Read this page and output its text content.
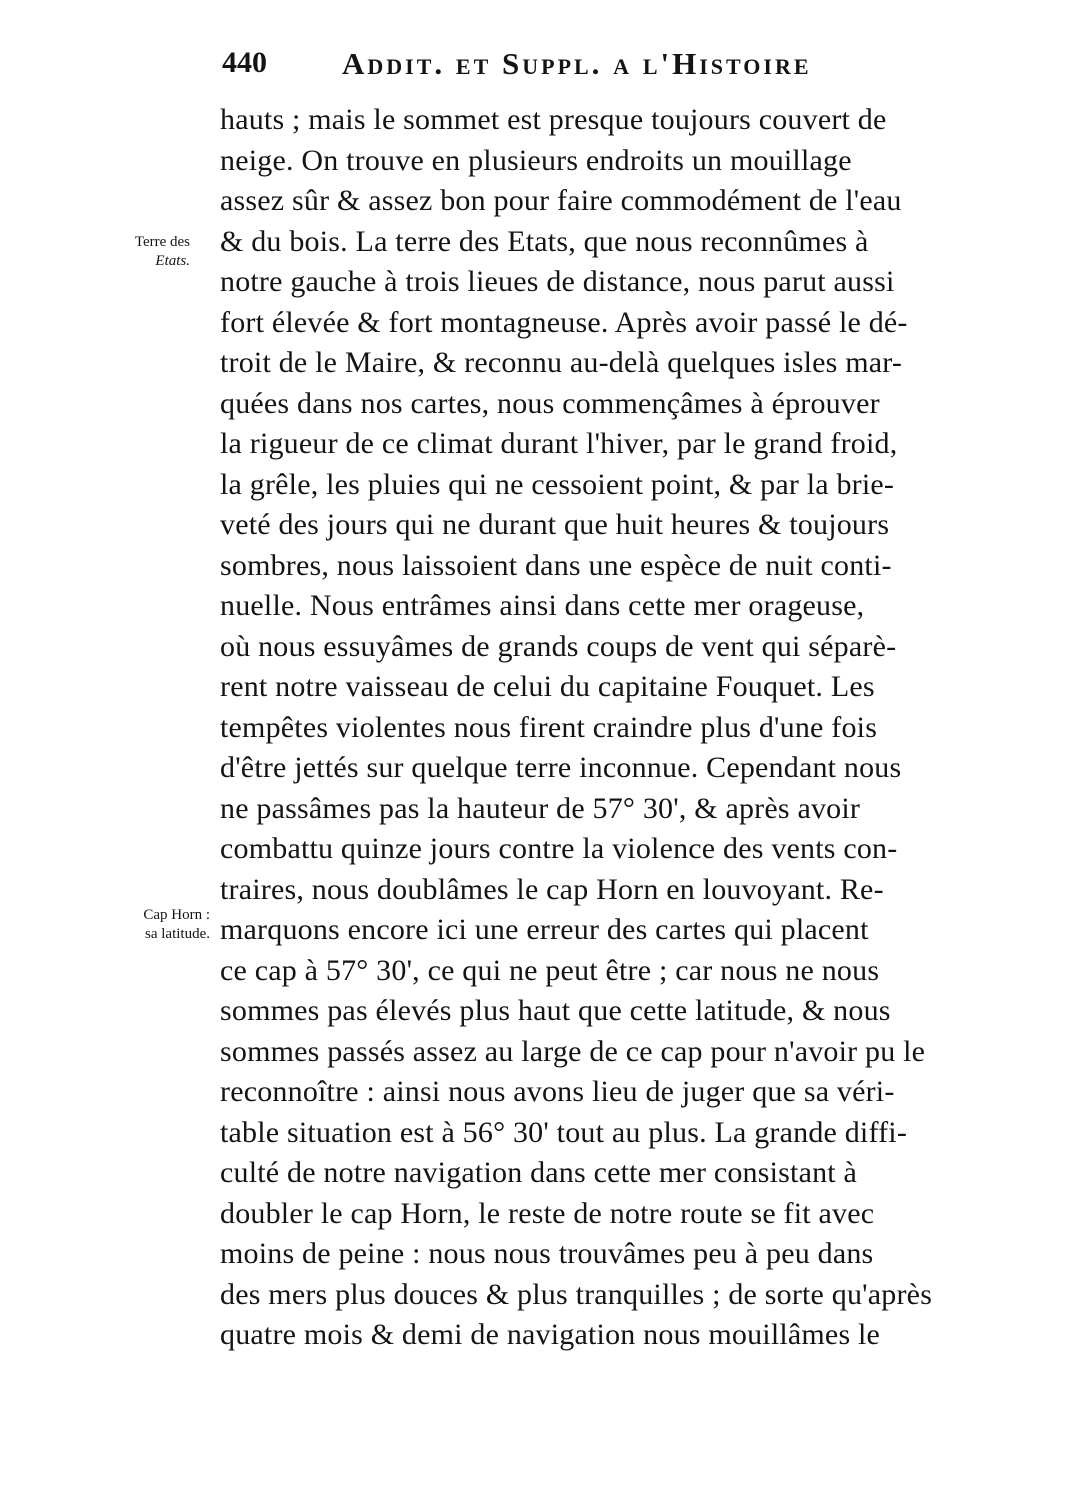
440 Addit. et Suppl. a l'Histoire
Terre des
Etats.
Cap Horn :
sa latitude.
hauts ; mais le sommet est presque toujours couvert de
neige. On trouve en plusieurs endroits un mouillage
assez sûr & assez bon pour faire commodément de l'eau
& du bois. La terre des Etats, que nous reconnûmes à
notre gauche à trois lieues de distance, nous parut aussi
fort élevée & fort montagneuse. Après avoir passé le dé-
troit de le Maire, & reconnu au-delà quelques isles mar-
quées dans nos cartes, nous commençâmes à éprouver
la rigueur de ce climat durant l'hiver, par le grand froid,
la grêle, les pluies qui ne cessoient point, & par la brie-
veté des jours qui ne durant que huit heures & toujours
sombres, nous laissoient dans une espèce de nuit conti-
nuelle. Nous entrâmes ainsi dans cette mer orageuse,
où nous essuyâmes de grands coups de vent qui séparè-
rent notre vaisseau de celui du capitaine Fouquet. Les
tempêtes violentes nous firent craindre plus d'une fois
d'être jettés sur quelque terre inconnue. Cependant nous
ne passâmes pas la hauteur de 57° 30', & après avoir
combattu quinze jours contre la violence des vents con-
traires, nous doublâmes le cap Horn en louvoyant. Re-
marquons encore ici une erreur des cartes qui placent
ce cap à 57° 30', ce qui ne peut être ; car nous ne nous
sommes pas élevés plus haut que cette latitude, & nous
sommes passés assez au large de ce cap pour n'avoir pu le
reconnoître : ainsi nous avons lieu de juger que sa véri-
table situation est à 56° 30' tout au plus. La grande diffi-
culté de notre navigation dans cette mer consistant à
doubler le cap Horn, le reste de notre route se fit avec
moins de peine : nous nous trouvâmes peu à peu dans
des mers plus douces & plus tranquilles ; de sorte qu'après
quatre mois & demi de navigation nous mouillâmes le
